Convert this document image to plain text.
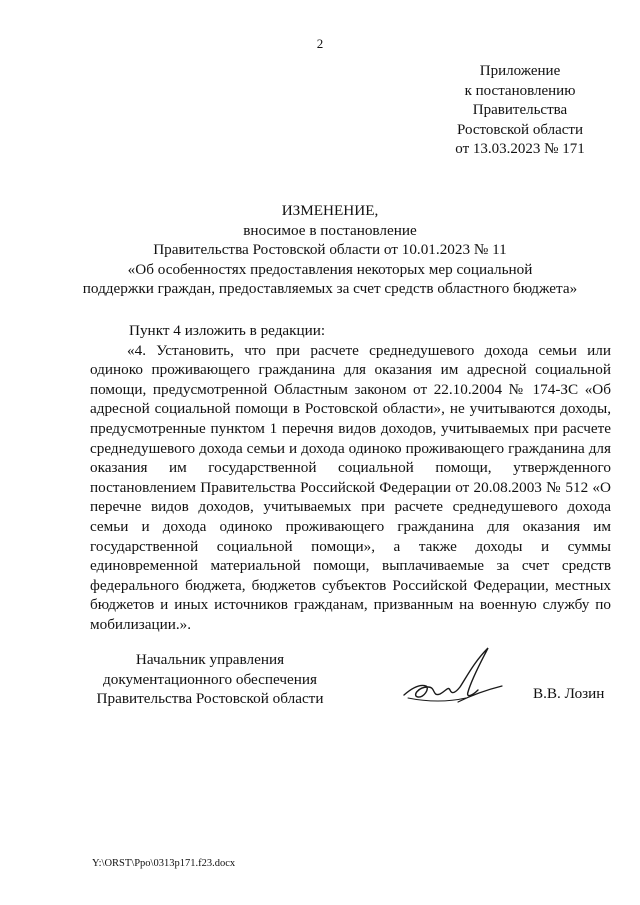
2
Приложение
к постановлению
Правительства
Ростовской области
от 13.03.2023 № 171
ИЗМЕНЕНИЕ,
вносимое в постановление
Правительства Ростовской области от 10.01.2023 № 11
«Об особенностях предоставления некоторых мер социальной
поддержки граждан, предоставляемых за счет средств областного бюджета»
Пункт 4 изложить в редакции:
«4. Установить, что при расчете среднедушевого дохода семьи или одиноко проживающего гражданина для оказания им адресной социальной помощи, предусмотренной Областным законом от 22.10.2004 № 174-ЗС «Об адресной социальной помощи в Ростовской области», не учитываются доходы, предусмотренные пунктом 1 перечня видов доходов, учитываемых при расчете среднедушевого дохода семьи и дохода одиноко проживающего гражданина для оказания им государственной социальной помощи, утвержденного постановлением Правительства Российской Федерации от 20.08.2003 № 512 «О перечне видов доходов, учитываемых при расчете среднедушевого дохода семьи и дохода одиноко проживающего гражданина для оказания им государственной социальной помощи», а также доходы и суммы единовременной материальной помощи, выплачиваемые за счет средств федерального бюджета, бюджетов субъектов Российской Федерации, местных бюджетов и иных источников гражданам, призванным на военную службу по мобилизации.».
Начальник управления
документационного обеспечения
Правительства Ростовской области	В.В. Лозин
Y:\ORST\Ppo\0313p171.f23.docx
